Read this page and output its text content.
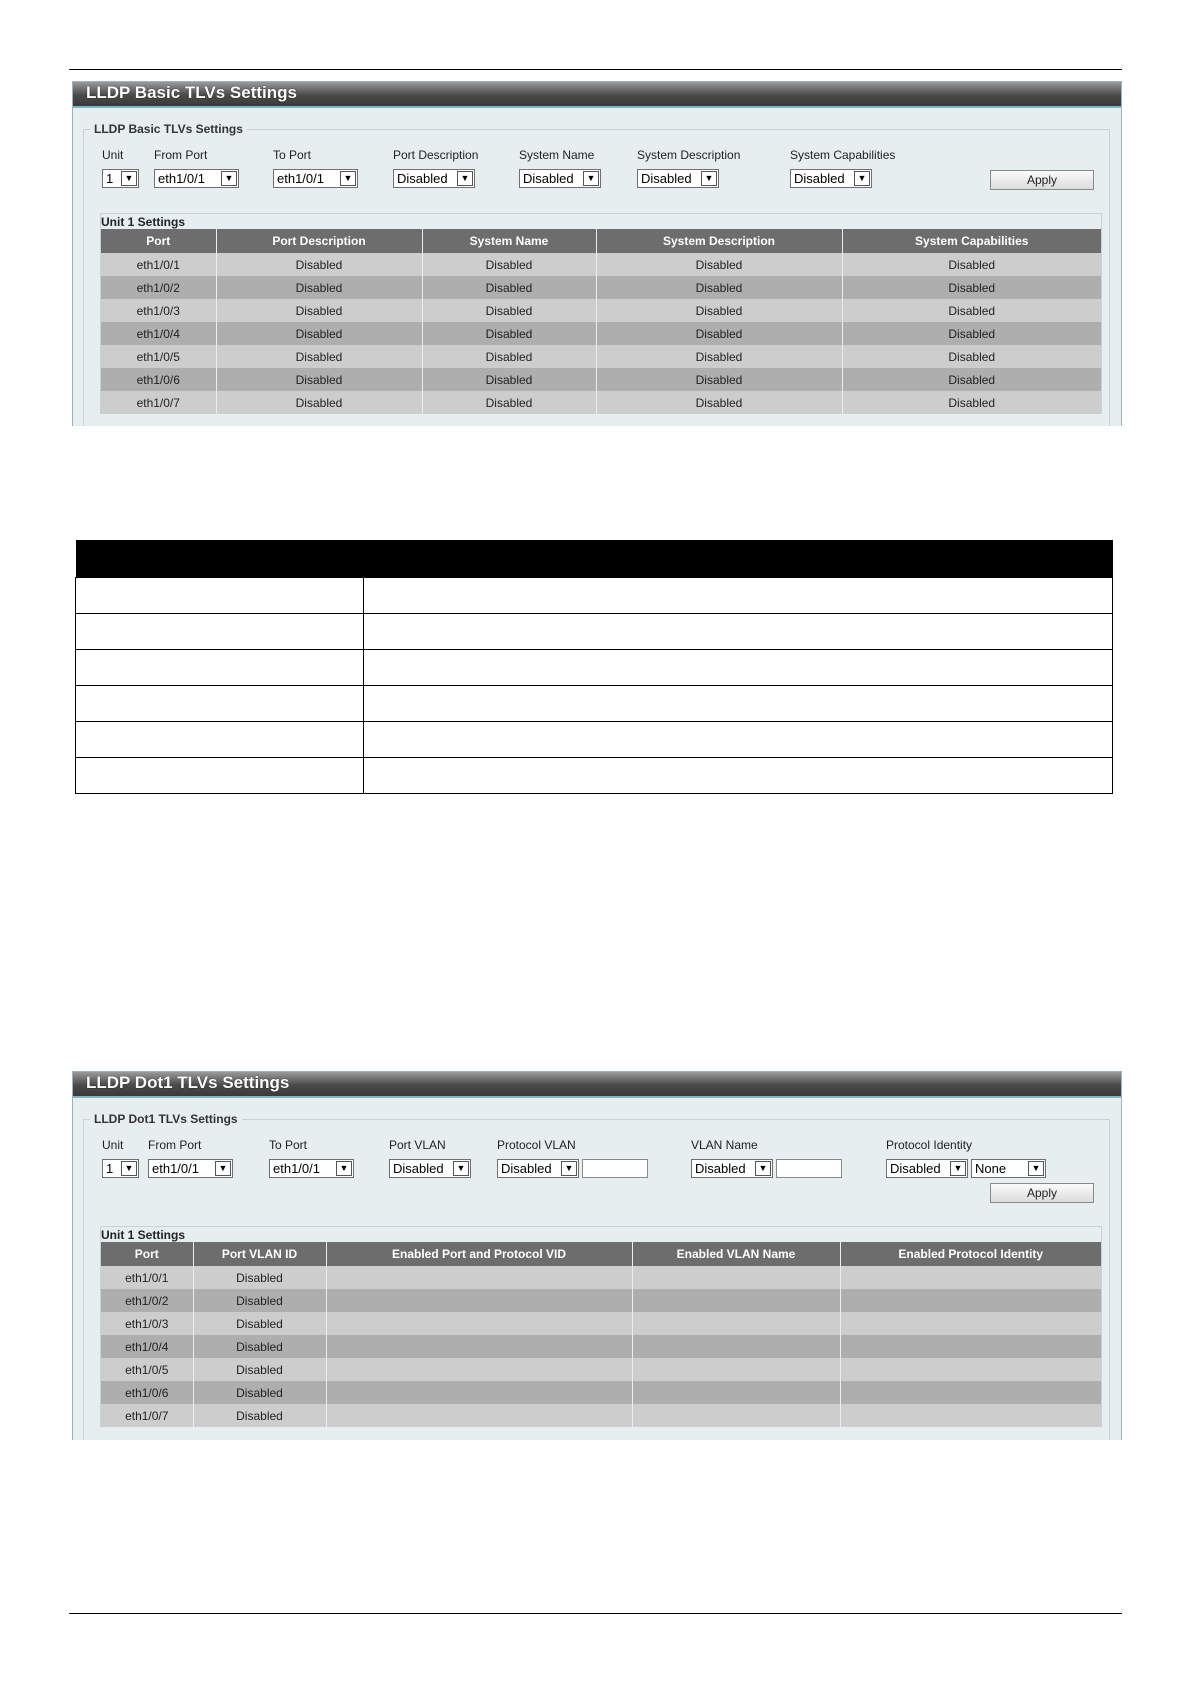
LLDP Basic TLVs Settings
LLDP Basic TLVs Settings
Unit	From Port	To Port	Port Description	System Name	System Description	System Capabilities
1	▼	eth1/0/1	▼	eth1/0/1	▼	Disabled	▼	Disabled	▼	Disabled	▼	Disabled	▼	Apply
Unit 1 Settings
Port	Port Description	System Name	System Description	System Capabilities
eth1/0/1	Disabled	Disabled	Disabled	Disabled
eth1/0/2	Disabled	Disabled	Disabled	Disabled
eth1/0/3	Disabled	Disabled	Disabled	Disabled
eth1/0/4	Disabled	Disabled	Disabled	Disabled
eth1/0/5	Disabled	Disabled	Disabled	Disabled
eth1/0/6	Disabled	Disabled	Disabled	Disabled
eth1/0/7	Disabled	Disabled	Disabled	Disabled

LLDP Dot1 TLVs Settings
LLDP Dot1 TLVs Settings
Unit From Port	To Port	Port VLAN	Protocol VLAN	VLAN Name	Protocol Identity
1	▼	eth1/0/1	▼	eth1/0/1	▼	Disabled	▼	Disabled	▼	Disabled	▼	Disabled	▼ None	▼
Apply
Unit 1 Settings
Port	Port VLAN ID	Enabled Port and Protocol VID	Enabled VLAN Name	Enabled Protocol Identity
eth1/0/1	Disabled			
eth1/0/2	Disabled			
eth1/0/3	Disabled			
eth1/0/4	Disabled			
eth1/0/5	Disabled			
eth1/0/6	Disabled			
eth1/0/7	Disabled			
